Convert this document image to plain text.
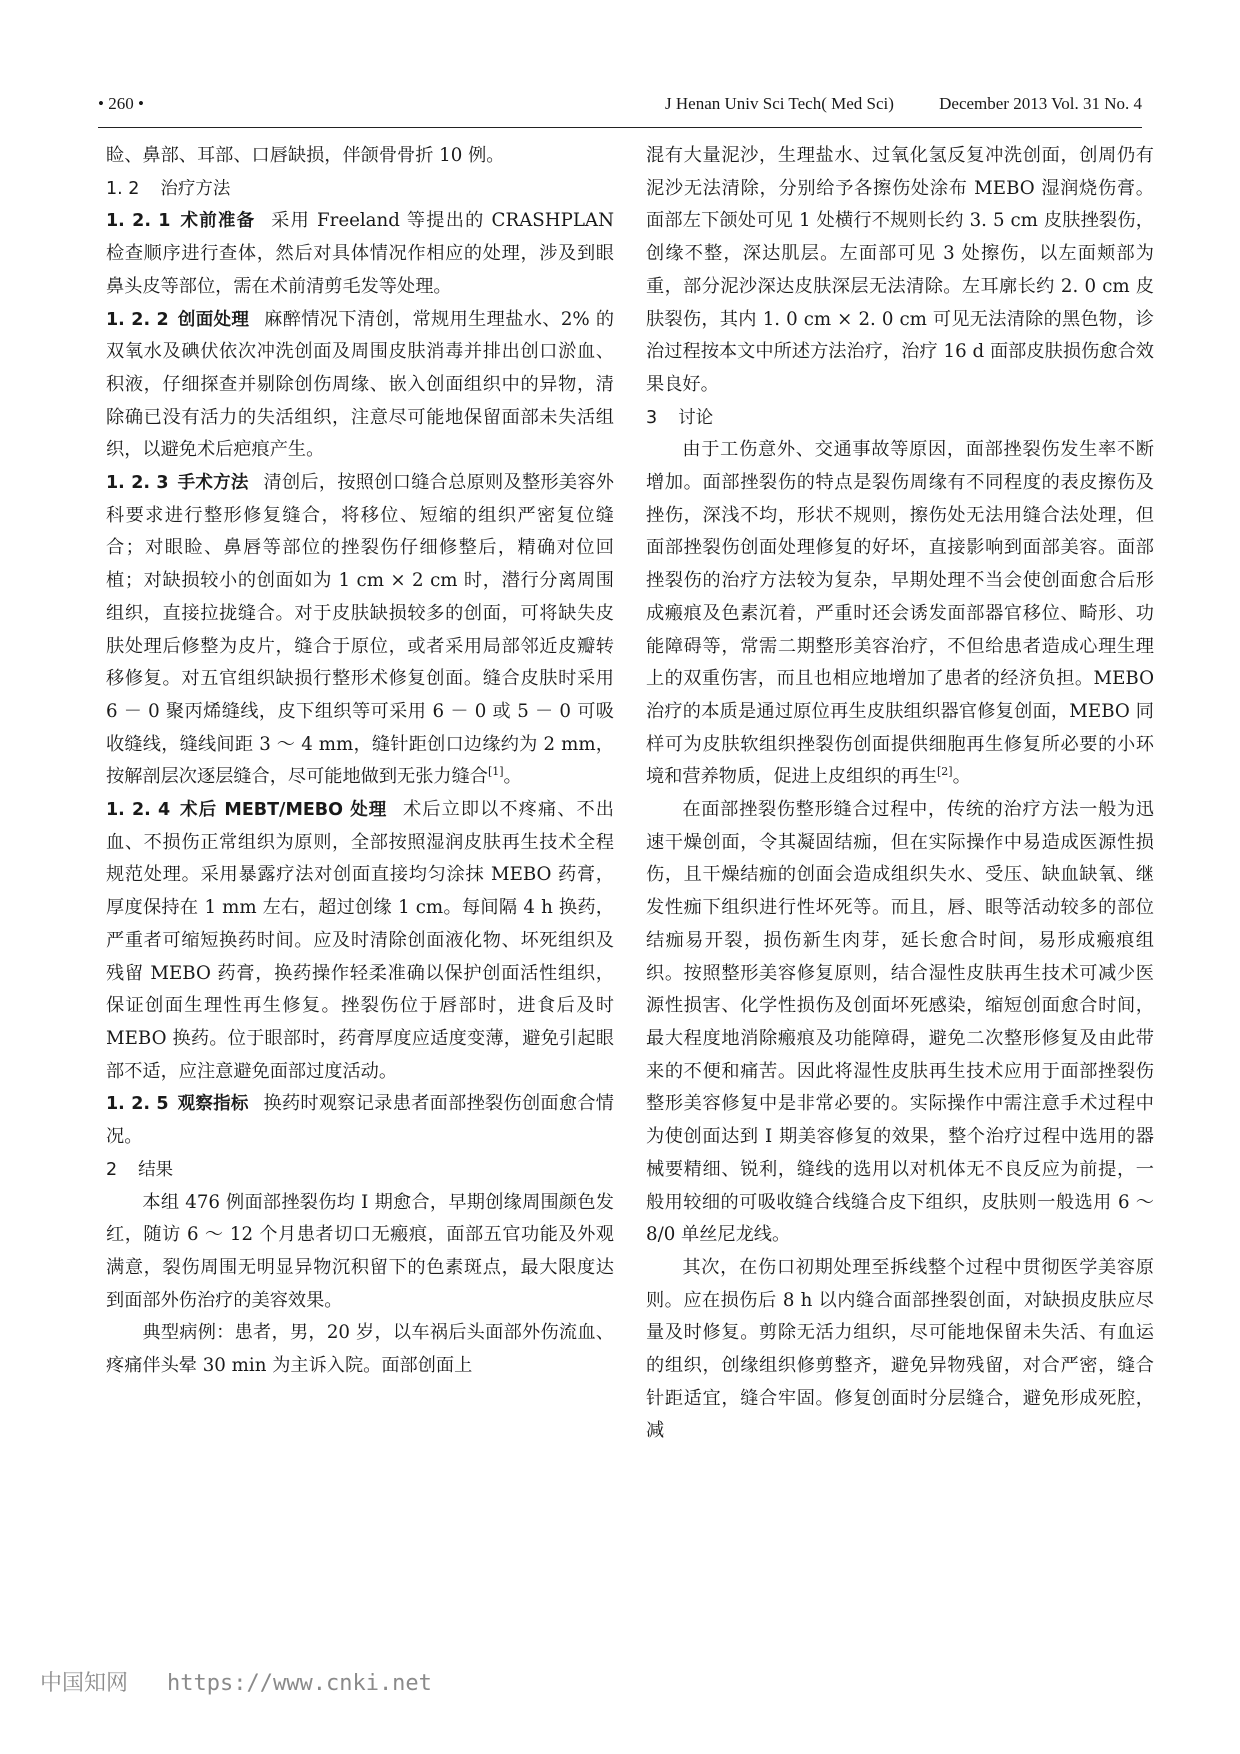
• 260 •	J Henan Univ Sci Tech( Med Sci)	December 2013 Vol. 31 No. 4

睑、鼻部、耳部、口唇缺损，伴颌骨骨折 10 例。

1. 2 治疗方法

1. 2. 1 术前准备 采用 Freeland 等提出的 CRASHPLAN 检查顺序进行查体，然后对具体情况作相应的处理，涉及到眼鼻头皮等部位，需在术前清剪毛发等处理。

1. 2. 2 创面处理 麻醉情况下清创，常规用生理盐水、2% 的双氧水及碘伏依次冲洗创面及周围皮肤消毒并排出创口淤血、积液，仔细探查并剔除创伤周缘、嵌入创面组织中的异物，清除确已没有活力的失活组织，注意尽可能地保留面部未失活组织，以避免术后疤痕产生。

1. 2. 3 手术方法 清创后，按照创口缝合总原则及整形美容外科要求进行整形修复缝合，将移位、短缩的组织严密复位缝合；对眼睑、鼻唇等部位的挫裂伤仔细修整后，精确对位回植；对缺损较小的创面如为 1 cm × 2 cm 时，潜行分离周围组织，直接拉拢缝合。对于皮肤缺损较多的创面，可将缺失皮肤处理后修整为皮片，缝合于原位，或者采用局部邻近皮瓣转移修复。对五官组织缺损行整形术修复创面。缝合皮肤时采用 6 － 0 聚丙烯缝线，皮下组织等可采用 6 － 0 或 5 － 0 可吸收缝线，缝线间距 3 ～ 4 mm，缝针距创口边缘约为 2 mm，按解剖层次逐层缝合，尽可能地做到无张力缝合[1]。

1. 2. 4 术后 MEBT/MEBO 处理 术后立即以不疼痛、不出血、不损伤正常组织为原则，全部按照湿润皮肤再生技术全程规范处理。采用暴露疗法对创面直接均匀涂抹 MEBO 药膏，厚度保持在 1 mm 左右，超过创缘 1 cm。每间隔 4 h 换药，严重者可缩短换药时间。应及时清除创面液化物、坏死组织及残留 MEBO 药膏，换药操作轻柔准确以保护创面活性组织，保证创面生理性再生修复。挫裂伤位于唇部时，进食后及时 MEBO 换药。位于眼部时，药膏厚度应适度变薄，避免引起眼部不适，应注意避免面部过度活动。

1. 2. 5 观察指标 换药时观察记录患者面部挫裂伤创面愈合情况。

2 结果

本组 476 例面部挫裂伤均 Ⅰ 期愈合，早期创缘周围颜色发红，随访 6 ～ 12 个月患者切口无瘢痕，面部五官功能及外观满意，裂伤周围无明显异物沉积留下的色素斑点，最大限度达到面部外伤治疗的美容效果。

典型病例：患者，男，20 岁，以车祸后头面部外伤流血、疼痛伴头晕 30 min 为主诉入院。面部创面上

混有大量泥沙，生理盐水、过氧化氢反复冲洗创面，创周仍有泥沙无法清除，分别给予各擦伤处涂布 MEBO 湿润烧伤膏。面部左下颌处可见 1 处横行不规则长约 3. 5 cm 皮肤挫裂伤，创缘不整，深达肌层。左面部可见 3 处擦伤，以左面颊部为重，部分泥沙深达皮肤深层无法清除。左耳廓长约 2. 0 cm 皮肤裂伤，其内 1. 0 cm × 2. 0 cm 可见无法清除的黑色物，诊治过程按本文中所述方法治疗，治疗 16 d 面部皮肤损伤愈合效果良好。

3 讨论

由于工伤意外、交通事故等原因，面部挫裂伤发生率不断增加。面部挫裂伤的特点是裂伤周缘有不同程度的表皮擦伤及挫伤，深浅不均，形状不规则，擦伤处无法用缝合法处理，但面部挫裂伤创面处理修复的好坏，直接影响到面部美容。面部挫裂伤的治疗方法较为复杂，早期处理不当会使创面愈合后形成瘢痕及色素沉着，严重时还会诱发面部器官移位、畸形、功能障碍等，常需二期整形美容治疗，不但给患者造成心理生理上的双重伤害，而且也相应地增加了患者的经济负担。MEBO 治疗的本质是通过原位再生皮肤组织器官修复创面，MEBO 同样可为皮肤软组织挫裂伤创面提供细胞再生修复所必要的小环境和营养物质，促进上皮组织的再生[2]。

在面部挫裂伤整形缝合过程中，传统的治疗方法一般为迅速干燥创面，令其凝固结痂，但在实际操作中易造成医源性损伤，且干燥结痂的创面会造成组织失水、受压、缺血缺氧、继发性痂下组织进行性坏死等。而且，唇、眼等活动较多的部位结痂易开裂，损伤新生肉芽，延长愈合时间，易形成瘢痕组织。按照整形美容修复原则，结合湿性皮肤再生技术可减少医源性损害、化学性损伤及创面坏死感染，缩短创面愈合时间，最大程度地消除瘢痕及功能障碍，避免二次整形修复及由此带来的不便和痛苦。因此将湿性皮肤再生技术应用于面部挫裂伤整形美容修复中是非常必要的。实际操作中需注意手术过程中为使创面达到 Ⅰ 期美容修复的效果，整个治疗过程中选用的器械要精细、锐利，缝线的选用以对机体无不良反应为前提，一般用较细的可吸收缝合线缝合皮下组织，皮肤则一般选用 6 ～ 8/0 单丝尼龙线。

其次，在伤口初期处理至拆线整个过程中贯彻医学美容原则。应在损伤后 8 h 以内缝合面部挫裂创面，对缺损皮肤应尽量及时修复。剪除无活力组织，尽可能地保留未失活、有血运的组织，创缘组织修剪整齐，避免异物残留，对合严密，缝合针距适宜，缝合牢固。修复创面时分层缝合，避免形成死腔，减

中国知网 https://www.cnki.net
